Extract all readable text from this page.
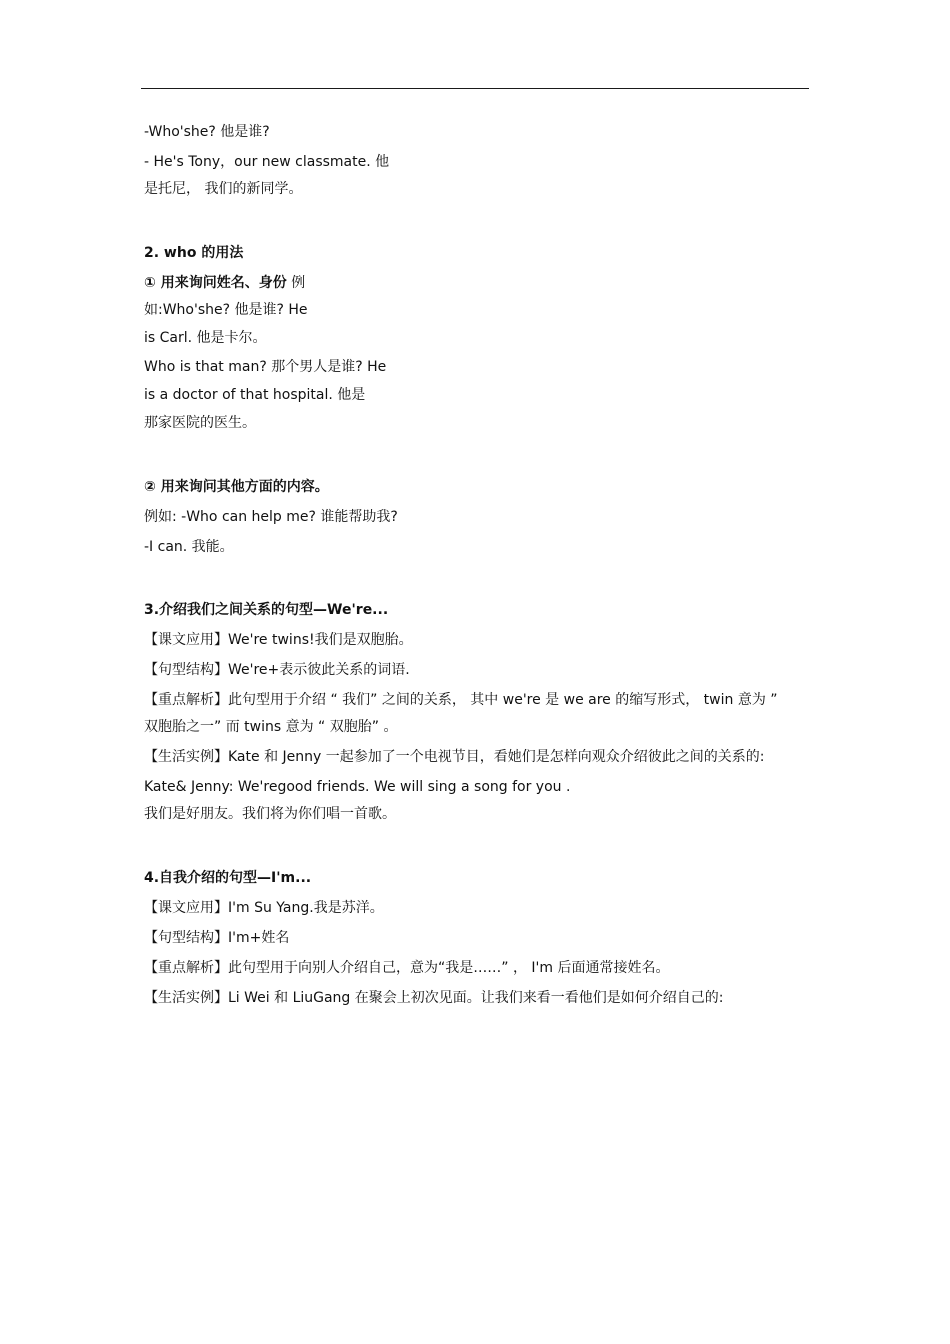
-Who'she? 他是谁?
- He's Tony，our new classmate. 他
是托尼， 我们的新同学。
2. who 的用法
① 用来询问姓名、身份 例
如:Who'she? 他是谁? He
is Carl. 他是卡尔。
Who is that man? 那个男人是谁? He
is a doctor of that hospital. 他是
那家医院的医生。
② 用来询问其他方面的内容。
例如: -Who can help me? 谁能帮助我?
-I can. 我能。
3.介绍我们之间关系的句型—We're...
【课文应用】We're twins!我们是双胞胎。
【句型结构】We're+表示彼此关系的词语.
【重点解析】此句型用于介绍 “ 我们” 之间的关系， 其中 we're 是 we are 的缩写形式， twin 意为 ”
双胞胎之一” 而 twins 意为 “ 双胞胎” 。
【生活实例】Kate 和 Jenny 一起参加了一个电视节目，看她们是怎样向观众介绍彼此之间的关系的:
Kate& Jenny: We'regood friends. We will sing a song for you .
我们是好朋友。我们将为你们唱一首歌。
4.自我介绍的句型—I'm...
【课文应用】I'm Su Yang.我是苏洋。
【句型结构】I'm+姓名
【重点解析】此句型用于向别人介绍自己，意为“我是……” ， I'm 后面通常接姓名。
【生活实例】Li Wei 和 LiuGang 在聚会上初次见面。让我们来看一看他们是如何介绍自己的:
